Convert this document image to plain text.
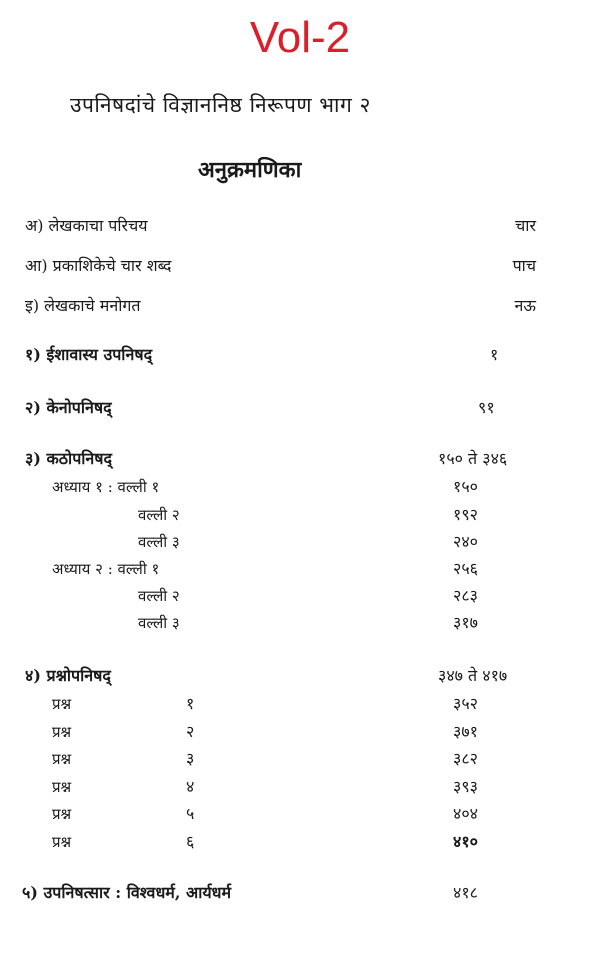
Vol-2
उपनिषदांचे विज्ञाननिष्ठ निरूपण भाग २
अनुक्रमणिका
अ) लेखकाचा परिचय	चार
आ) प्रकाशिकेचे चार शब्द	पाच
इ) लेखकाचे मनोगत	नऊ
१) ईशावास्य उपनिषद्	१
२) केनोपनिषद्	९१
३) कठोपनिषद्	१५० ते ३४६
अध्याय १ : वल्ली १	१५०
वल्ली २	१९२
वल्ली ३	२४०
अध्याय २ : वल्ली १	२५६
वल्ली २	२८३
वल्ली ३	३१७
४) प्रश्नोपनिषद्	३४७ ते ४१७
प्रश्न	१	३५२
प्रश्न	२	३७१
प्रश्न	३	३८२
प्रश्न	४	३९३
प्रश्न	५	४०४
प्रश्न	६	४१०
५) उपनिषत्सार : विश्वधर्म, आर्यधर्म	४१८
